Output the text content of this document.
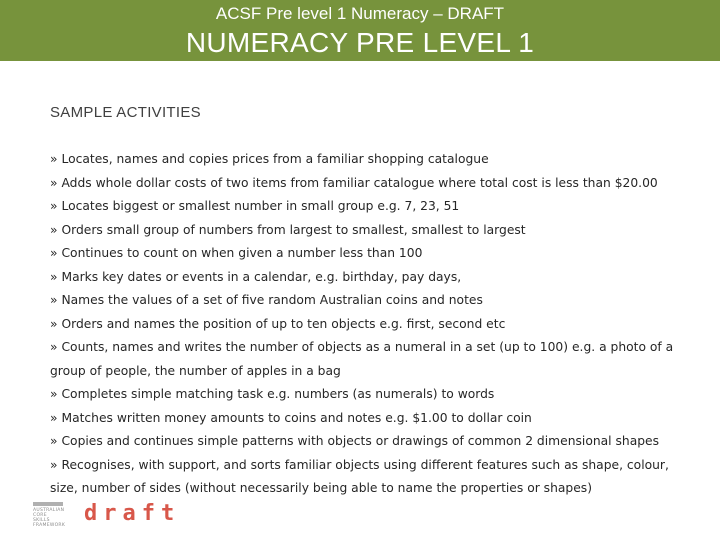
ACSF Pre level 1 Numeracy – DRAFT
NUMERACY PRE LEVEL 1
SAMPLE ACTIVITIES
» Locates, names and copies prices from a familiar shopping catalogue
» Adds whole dollar costs of two items from familiar catalogue where total cost is less than $20.00
» Locates biggest or smallest number in small group e.g. 7, 23, 51
» Orders small group of numbers from largest to smallest, smallest to largest
» Continues to count on when given a number less than 100
» Marks key dates or events in a calendar, e.g. birthday, pay days,
» Names the values of a set of five random Australian coins and notes
» Orders and names the position of up to ten objects e.g. first, second etc
» Counts, names and writes the number of objects as a numeral in a set (up to 100) e.g. a photo of a group of people, the number of apples in a bag
» Completes simple matching task e.g. numbers (as numerals) to words
» Matches written money amounts to coins and notes e.g. $1.00 to dollar coin
» Copies and continues simple patterns with objects or drawings of common 2 dimensional shapes
» Recognises, with support, and sorts familiar objects using different features such as shape, colour, size, number of sides (without necessarily being able to name the properties or shapes)
AUSTRALIAN
CORE
SKILLS
FRAMEWORK draft
